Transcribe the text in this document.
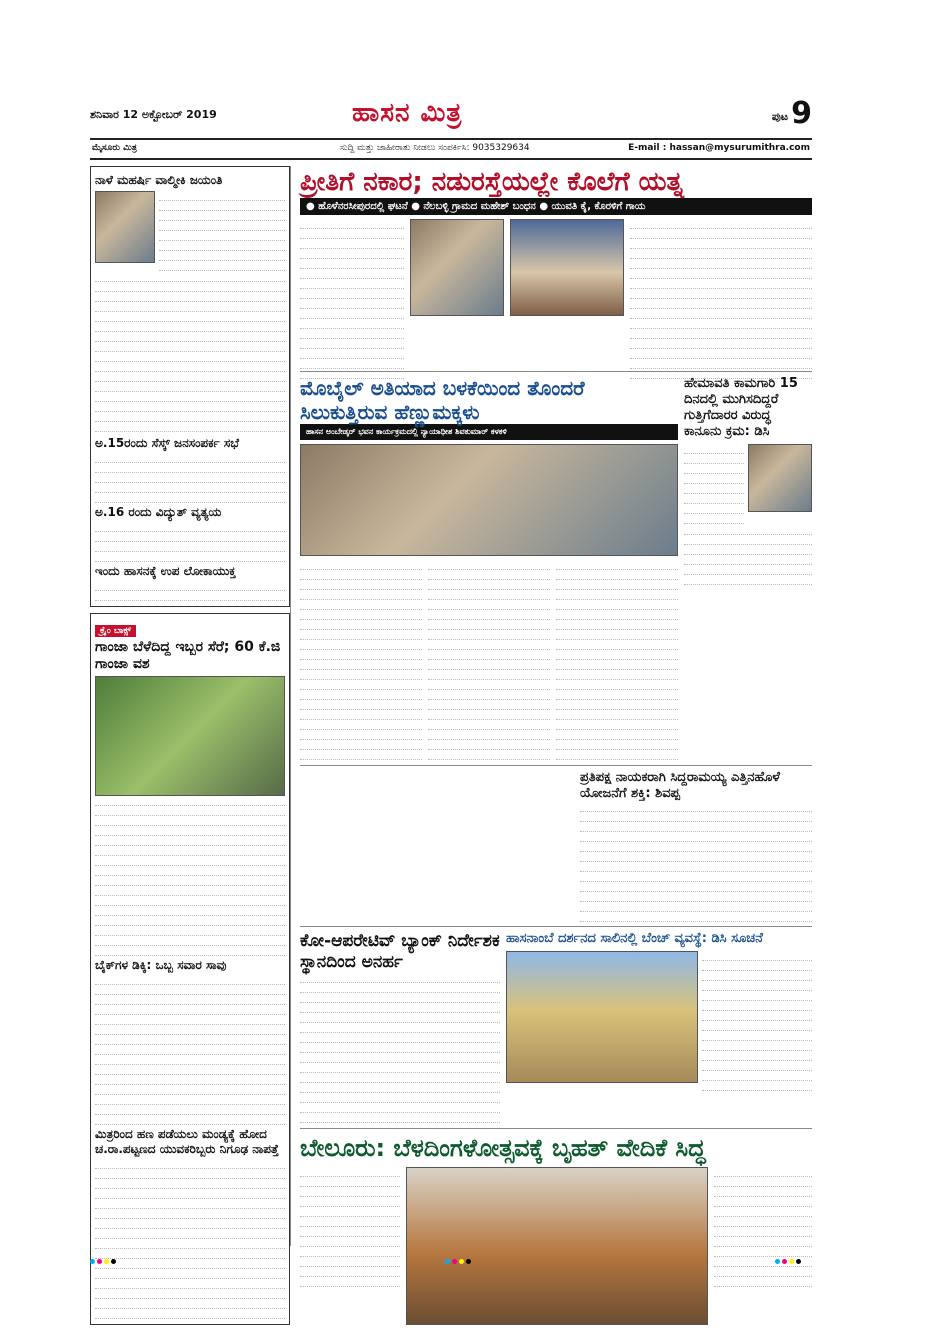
ಶನಿವಾರ 12 ಅಕ್ಟೋಬರ್ 2019	ಹಾಸನ ಮಿತ್ರ	ಪುಟ 9
ಮೈಸೂರು ಮಿತ್ರ	ಸುದ್ದಿ ಮತ್ತು ಜಾಹೀರಾತು ನೀಡಲು ಸಂಪರ್ಕಿಸಿ: 9035329634	E-mail : hassan@mysurumithra.com
ನಾಳೆ ಮಹರ್ಷಿ ವಾಲ್ಮೀಕಿ ಜಯಂತಿ
ಅ.15ರಂದು ಸೆಸ್ಕ್ ಜನಸಂಪರ್ಕ ಸಭೆ
ಅ.16 ರಂದು ವಿದ್ಯುತ್ ವ್ಯತ್ಯಯ
ಇಂದು ಹಾಸನಕ್ಕೆ ಉಪ ಲೋಕಾಯುಕ್ತ
ಕ್ರೈಂ ಬಾಕ್ಸ್
ಗಾಂಜಾ ಬೆಳೆದಿದ್ದ ಇಬ್ಬರ ಸೆರೆ; 60 ಕೆ.ಜಿ ಗಾಂಜಾ ವಶ
ಬೈಕ್‌ಗಳ ಡಿಕ್ಕಿ: ಒಬ್ಬ ಸವಾರ ಸಾವು
ಮಿತ್ರರಿಂದ ಹಣ ಪಡೆಯಲು ಮಂಡ್ಯಕ್ಕೆ ಹೋದ ಚ.ರಾ.ಪಟ್ಟಣದ ಯುವಕರಿಬ್ಬರು ನಿಗೂಢ ನಾಪತ್ತೆ
ಪ್ರೀತಿಗೆ ನಕಾರ; ನಡುರಸ್ತೆಯಲ್ಲೇ ಕೊಲೆಗೆ ಯತ್ನ
● ಹೊಳೆನರಸೀಪುರದಲ್ಲಿ ಘಟನೆ ● ನೆಲಬಳ್ಳಿ ಗ್ರಾಮದ ಮಹೇಶ್ ಬಂಧನ ● ಯುವತಿ ಕೈ, ಕೊರಳಿಗೆ ಗಾಯ
ಮೊಬೈಲ್ ಅತಿಯಾದ ಬಳಕೆಯಿಂದ ತೊಂದರೆ ಸಿಲುಕುತ್ತಿರುವ ಹೆಣ್ಣುಮಕ್ಕಳು
ಹಾಸನ ಅಂಬೇಡ್ಕರ್ ಭವನ ಕಾರ್ಯಕ್ರಮದಲ್ಲಿ ನ್ಯಾಯಾಧೀಶ ಶಿವಕುಮಾರ್ ಕಳಕಳಿ
ಹೇಮಾವತಿ ಕಾಮಗಾರಿ 15 ದಿನದಲ್ಲಿ ಮುಗಿಸದಿದ್ದರೆ ಗುತ್ತಿಗೆದಾರರ ವಿರುದ್ಧ ಕಾನೂನು ಕ್ರಮ: ಡಿಸಿ
ಪ್ರತಿಪಕ್ಷ ನಾಯಕರಾಗಿ ಸಿದ್ದರಾಮಯ್ಯ ಎತ್ತಿನಹೊಳೆ ಯೋಜನೆಗೆ ಶಕ್ತಿ: ಶಿವಪ್ಪ
ಕೋ-ಆಪರೇಟಿವ್ ಬ್ಯಾಂಕ್ ನಿರ್ದೇಶಕ ಸ್ಥಾನದಿಂದ ಅನರ್ಹ
ಹಾಸನಾಂಬೆ ದರ್ಶನದ ಸಾಲಿನಲ್ಲಿ ಬೆಂಚ್ ವ್ಯವಸ್ಥೆ: ಡಿಸಿ ಸೂಚನೆ
ಬೇಲೂರು: ಬೆಳದಿಂಗಳೋತ್ಸವಕ್ಕೆ ಬೃಹತ್ ವೇದಿಕೆ ಸಿದ್ಧ
